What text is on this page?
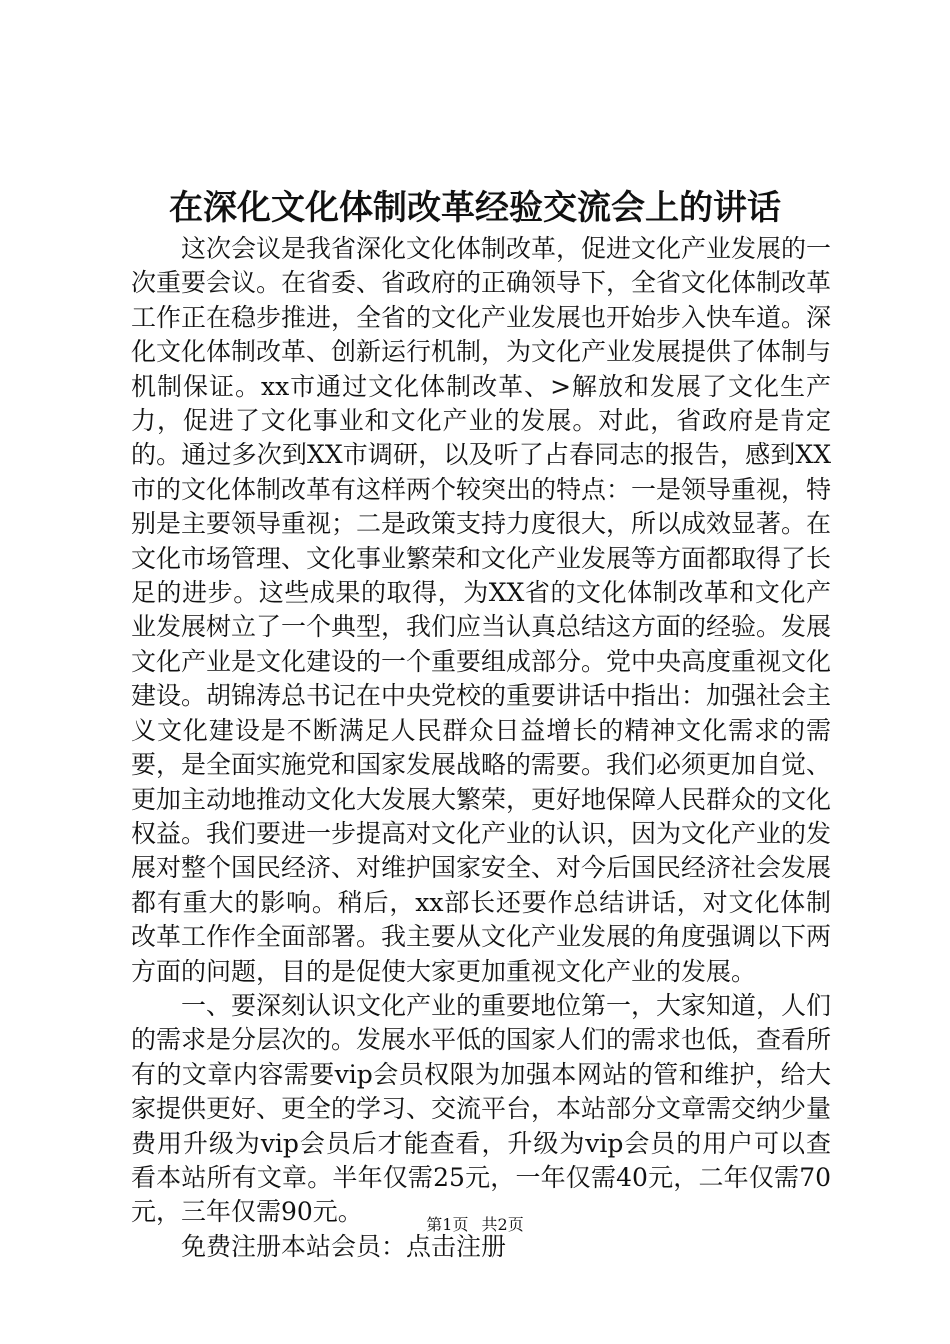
在深化文化体制改革经验交流会上的讲话

这次会议是我省深化文化体制改革，促进文化产业发展的一次重要会议。在省委、省政府的正确领导下，全省文化体制改革工作正在稳步推进，全省的文化产业发展也开始步入快车道。深化文化体制改革、创新运行机制，为文化产业发展提供了体制与机制保证。xx市通过文化体制改革、>解放和发展了文化生产力，促进了文化事业和文化产业的发展。对此，省政府是肯定的。通过多次到XX市调研，以及听了占春同志的报告，感到XX市的文化体制改革有这样两个较突出的特点：一是领导重视，特别是主要领导重视；二是政策支持力度很大，所以成效显著。在文化市场管理、文化事业繁荣和文化产业发展等方面都取得了长足的进步。这些成果的取得，为XX省的文化体制改革和文化产业发展树立了一个典型，我们应当认真总结这方面的经验。发展文化产业是文化建设的一个重要组成部分。党中央高度重视文化建设。胡锦涛总书记在中央党校的重要讲话中指出：加强社会主义文化建设是不断满足人民群众日益增长的精神文化需求的需要，是全面实施党和国家发展战略的需要。我们必须更加自觉、更加主动地推动文化大发展大繁荣，更好地保障人民群众的文化权益。我们要进一步提高对文化产业的认识，因为文化产业的发展对整个国民经济、对维护国家安全、对今后国民经济社会发展都有重大的影响。稍后，xx部长还要作总结讲话，对文化体制改革工作作全面部署。我主要从文化产业发展的角度强调以下两方面的问题，目的是促使大家更加重视文化产业的发展。

一、要深刻认识文化产业的重要地位第一，大家知道，人们的需求是分层次的。发展水平低的国家人们的需求也低，查看所有的文章内容需要vip会员权限为加强本网站的管和维护，给大家提供更好、更全的学习、交流平台，本站部分文章需交纳少量费用升级为vip会员后才能查看，升级为vip会员的用户可以查看本站所有文章。半年仅需25元，一年仅需40元，二年仅需70元，三年仅需90元。

免费注册本站会员：点击注册

第1页 共2页
